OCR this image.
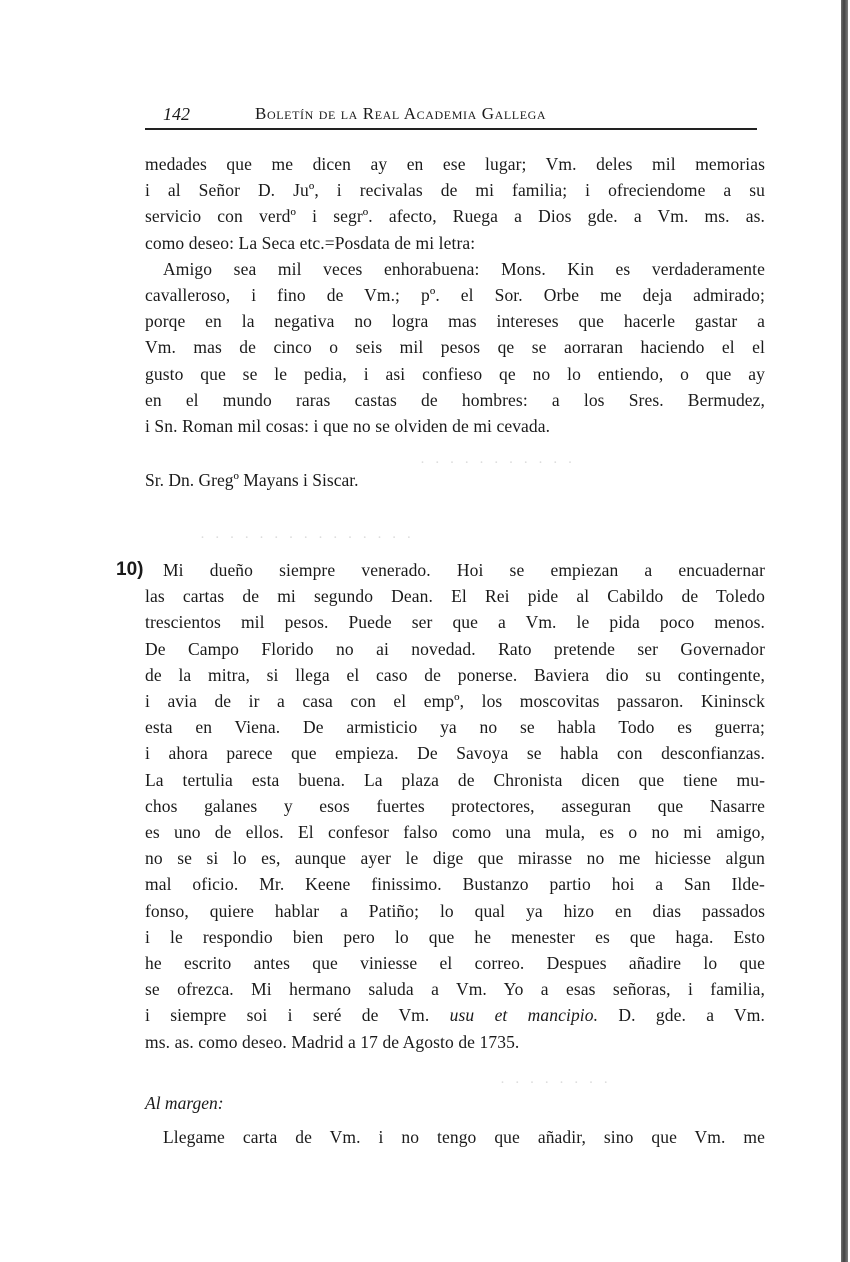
142	Boletín de la Real Academia Gallega
medades que me dicen ay en ese lugar; Vm. deles mil memorias
i al Señor D. Juº, i recivalas de mi familia; i ofreciendome a su
servicio con verdº i segrº. afecto, Ruega a Dios gde. a Vm. ms. as.
como deseo: La Seca etc.=Posdata de mi letra:
Amigo sea mil veces enhorabuena: Mons. Kin es verdaderamente
cavalleroso, i fino de Vm.; pº. el Sor. Orbe me deja admirado;
porqe en la negativa no logra mas intereses que hacerle gastar a
Vm. mas de cinco o seis mil pesos qe se aorraran haciendo el el
gusto que se le pedia, i asi confieso qe no lo entiendo, o que ay
en el mundo raras castas de hombres: a los Sres. Bermudez,
i Sn. Roman mil cosas: i que no se olviden de mi cevada.
Sr. Dn. Gregº Mayans i Siscar.
10)	Mi dueño siempre venerado. Hoi se empiezan a encuadernar
las cartas de mi segundo Dean. El Rei pide al Cabildo de Toledo
trescientos mil pesos. Puede ser que a Vm. le pida poco menos.
De Campo Florido no ai novedad. Rato pretende ser Governador
de la mitra, si llega el caso de ponerse. Baviera dio su contingente,
i avia de ir a casa con el empº, los moscovitas passaron. Kininsck
esta en Viena. De armisticio ya no se habla Todo es guerra;
i ahora parece que empieza. De Savoya se habla con desconfianzas.
La tertulia esta buena. La plaza de Chronista dicen que tiene mu-
chos galanes y esos fuertes protectores, asseguran que Nasarre
es uno de ellos. El confesor falso como una mula, es o no mi amigo,
no se si lo es, aunque ayer le dige que mirasse no me hiciesse algun
mal oficio. Mr. Keene finissimo. Bustanzo partio hoi a San Ilde-
fonso, quiere hablar a Patiño; lo qual ya hizo en dias passados
i le respondio bien pero lo que he menester es que haga. Esto
he escrito antes que viniesse el correo. Despues añadire lo que
se ofrezca. Mi hermano saluda a Vm. Yo a esas señoras, i familia,
i siempre soi i seré de Vm. usu et mancipio. D. gde. a Vm.
ms. as. como deseo. Madrid a 17 de Agosto de 1735.
Al margen:
Llegame carta de Vm. i no tengo que añadir, sino que Vm. me
· · · · · · · · · · ·
· · · · · · · · · · · · · · ·
· · · · · · · ·
